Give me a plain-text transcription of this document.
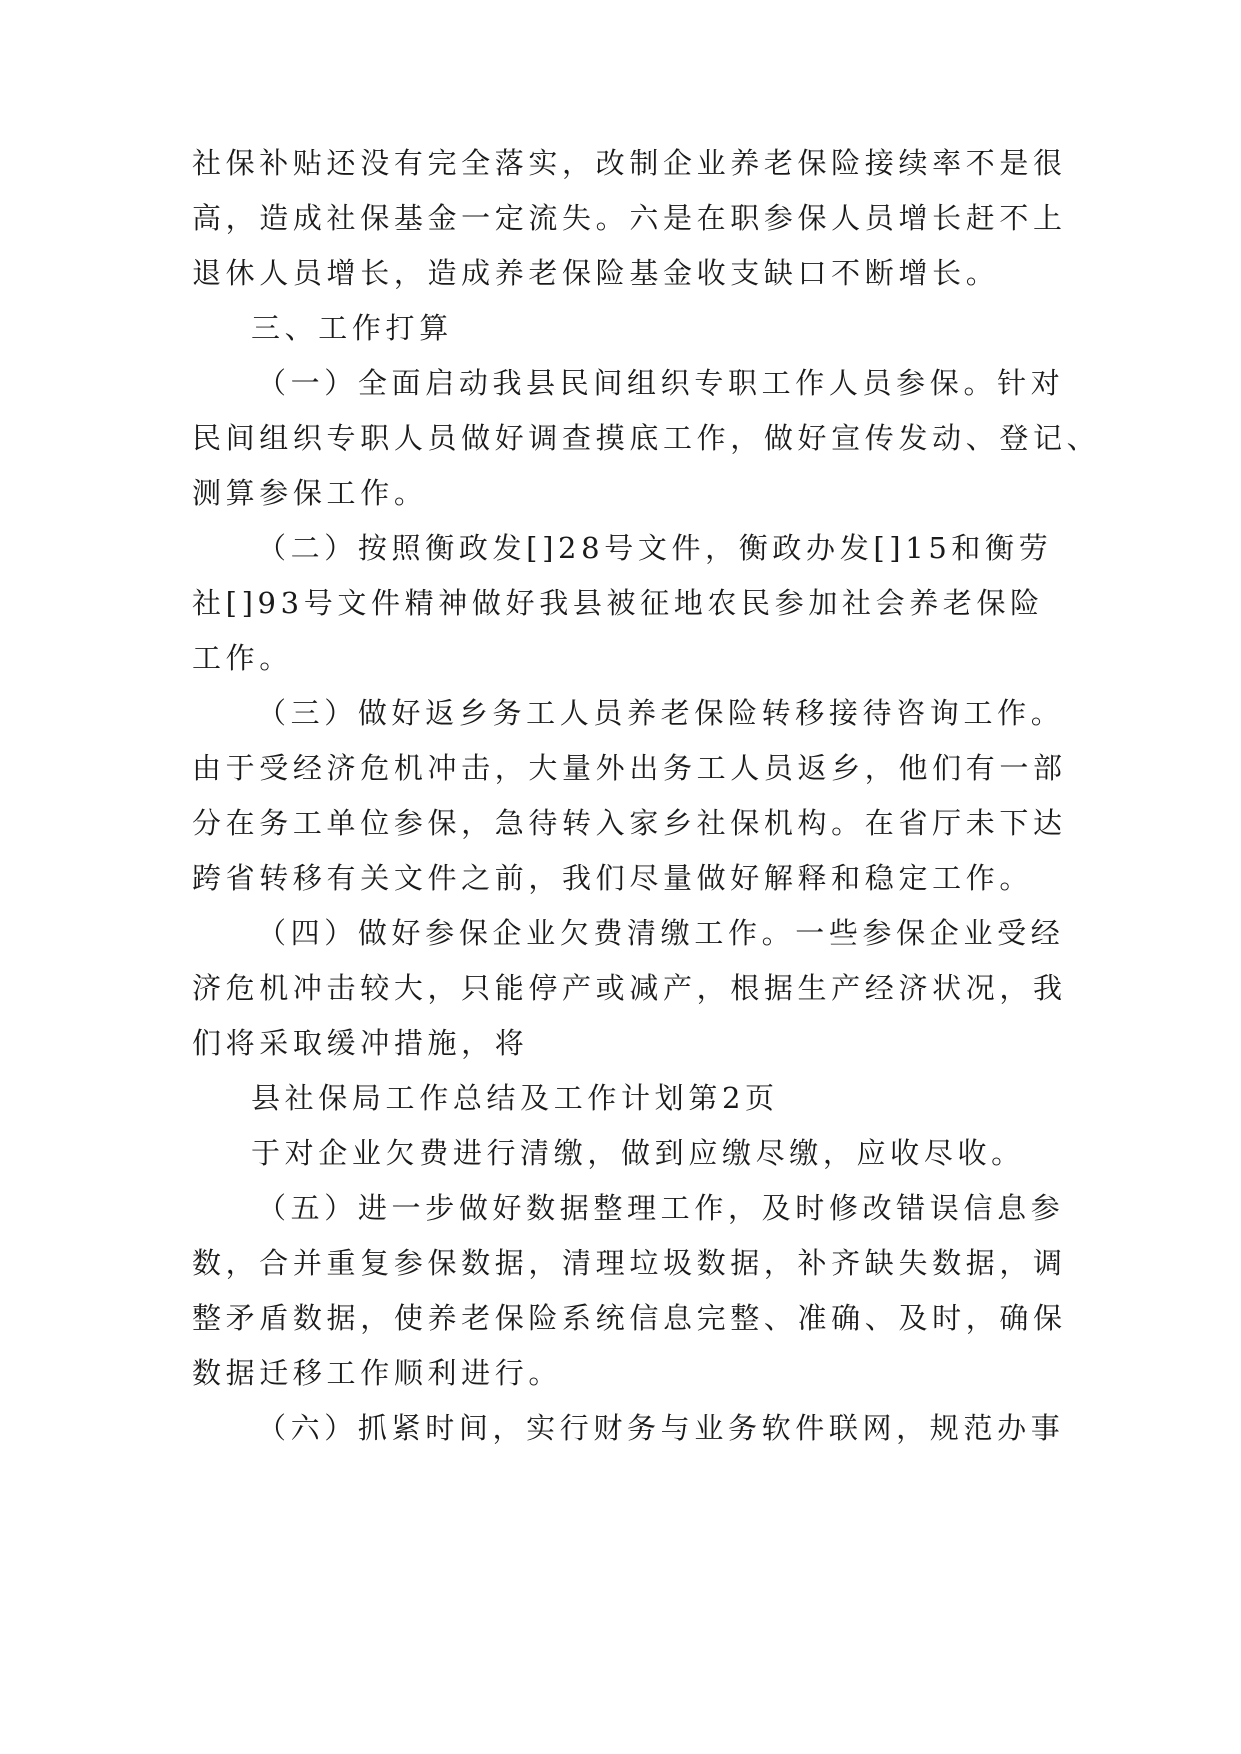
社保补贴还没有完全落实，改制企业养老保险接续率不是很
高，造成社保基金一定流失。六是在职参保人员增长赶不上
退休人员增长，造成养老保险基金收支缺口不断增长。
三、工作打算
（一）全面启动我县民间组织专职工作人员参保。针对
民间组织专职人员做好调查摸底工作，做好宣传发动、登记、
测算参保工作。
（二）按照衡政发[]28号文件，衡政办发[]15和衡劳
社[]93号文件精神做好我县被征地农民参加社会养老保险
工作。
（三）做好返乡务工人员养老保险转移接待咨询工作。
由于受经济危机冲击，大量外出务工人员返乡，他们有一部
分在务工单位参保，急待转入家乡社保机构。在省厅未下达
跨省转移有关文件之前，我们尽量做好解释和稳定工作。
（四）做好参保企业欠费清缴工作。一些参保企业受经
济危机冲击较大，只能停产或减产，根据生产经济状况，我
们将采取缓冲措施，将
县社保局工作总结及工作计划第2页
于对企业欠费进行清缴，做到应缴尽缴，应收尽收。
（五）进一步做好数据整理工作，及时修改错误信息参
数，合并重复参保数据，清理垃圾数据，补齐缺失数据，调
整矛盾数据，使养老保险系统信息完整、准确、及时，确保
数据迁移工作顺利进行。
（六）抓紧时间，实行财务与业务软件联网，规范办事
